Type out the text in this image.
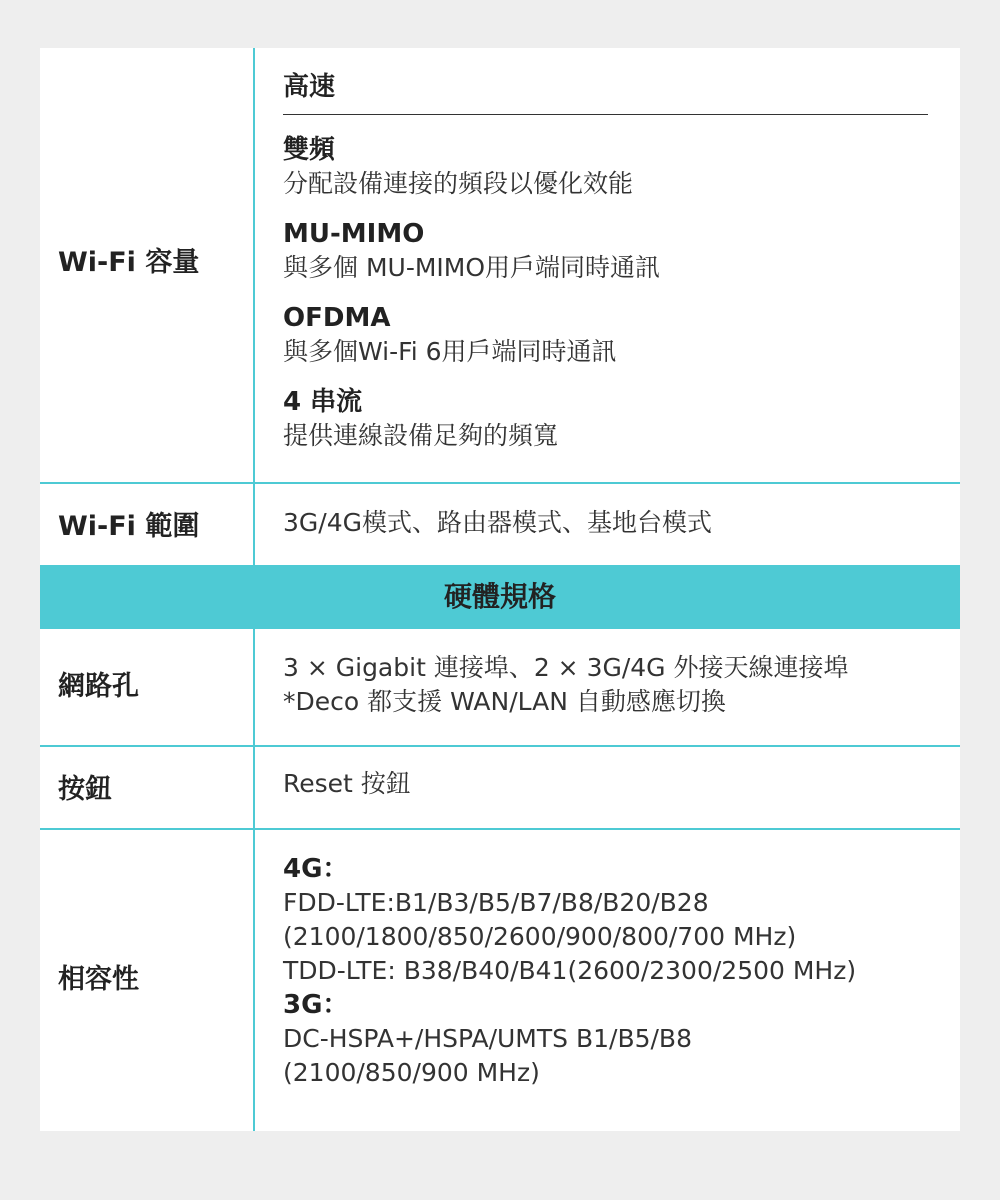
Wi-Fi 容量
高速
雙頻
分配設備連接的頻段以優化效能
MU-MIMO
與多個 MU-MIMO用戶端同時通訊
OFDMA
與多個Wi-Fi 6用戶端同時通訊
4 串流
提供連線設備足夠的頻寬
Wi-Fi 範圍	3G/4G模式、路由器模式、基地台模式
硬體規格
網路孔
3 × Gigabit 連接埠、2 × 3G/4G 外接天線連接埠
*Deco 都支援 WAN/LAN 自動感應切換
按鈕	Reset 按鈕
相容性
4G：
FDD-LTE:B1/B3/B5/B7/B8/B20/B28
(2100/1800/850/2600/900/800/700 MHz)
TDD-LTE: B38/B40/B41(2600/2300/2500 MHz)
3G：
DC-HSPA+/HSPA/UMTS B1/B5/B8
(2100/850/900 MHz)
